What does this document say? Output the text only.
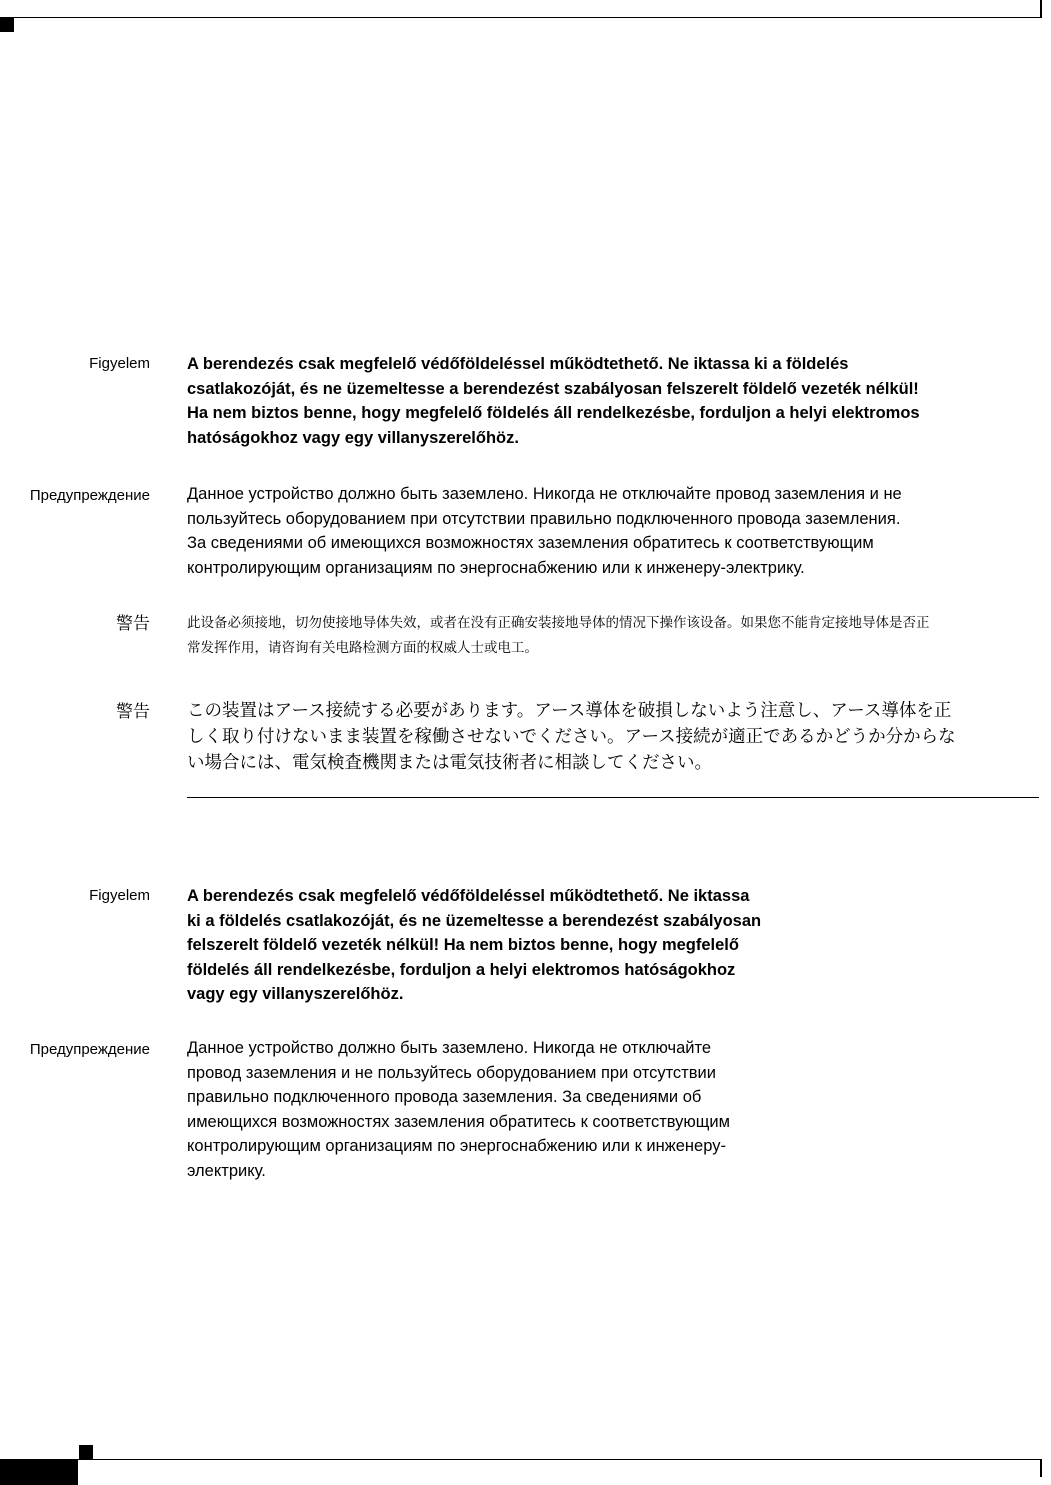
Figyelem A berendezés csak megfelelő védőföldeléssel működtethető. Ne iktassa ki a földelés
csatlakozóját, és ne üzemeltesse a berendezést szabályosan felszerelt földelő vezeték nélkül!
Ha nem biztos benne, hogy megfelelő földelés áll rendelkezésbe, forduljon a helyi elektromos
hatóságokhoz vagy egy villanyszerelőhöz.
Предупреждение Данное устройство должно быть заземлено. Никогда не отключайте провод заземления и не
пользуйтесь оборудованием при отсутствии правильно подключенного провода заземления.
За сведениями об имеющихся возможностях заземления обратитесь к соответствующим
контролирующим организациям по энергоснабжению или к инженеру-электрику.
警告	此设备必须接地，切勿使接地导体失效，或者在没有正确安装接地导体的情况下操作该设备。如果您不能肯定接地导体是否正
常发挥作用，请咨询有关电路检测方面的权威人士或电工。
警告 この装置はアース接続する必要があります。アース導体を破損しないよう注意し、アース導体を正
しく取り付けないまま装置を稼働させないでください。アース接続が適正であるかどうか分からな
い場合には、電気検査機関または電気技術者に相談してください。
Figyelem A berendezés csak megfelelő védőföldeléssel működtethető. Ne iktassa
ki a földelés csatlakozóját, és ne üzemeltesse a berendezést szabályosan
felszerelt földelő vezeték nélkül! Ha nem biztos benne, hogy megfelelő
földelés áll rendelkezésbe, forduljon a helyi elektromos hatóságokhoz
vagy egy villanyszerelőhöz.
Предупреждение Данное устройство должно быть заземлено. Никогда не отключайте
провод заземления и не пользуйтесь оборудованием при отсутствии
правильно подключенного провода заземления. За сведениями об
имеющихся возможностях заземления обратитесь к соответствующим
контролирующим организациям по энергоснабжению или к инженеру-
электрику.
